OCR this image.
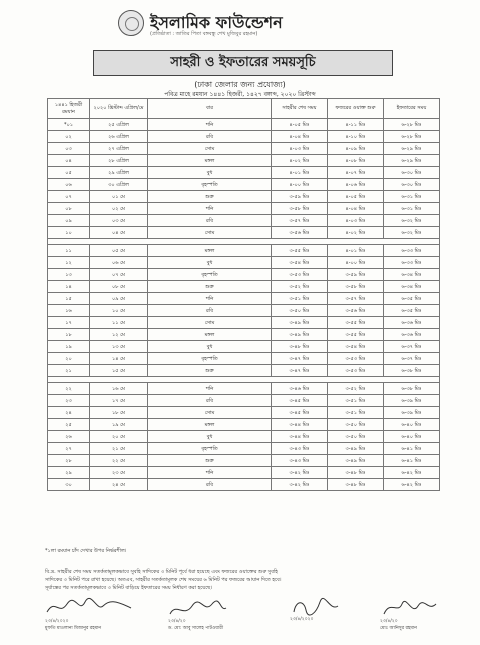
ইসলামিক ফাউন্ডেশন
(প্রতিষ্ঠাতা : জাতির পিতা বঙ্গবন্ধু শেখ মুজিবুর রহমান)
সাহরী ও ইফতারের সময়সূচি
(ঢাকা জেলার জন্য প্রযোজ্য)
পবিত্র মাহে রমযান ১৪৪১ হিজরী, ১৪২৭ বঙ্গাব্দ, ২০২০ খ্রিস্টাব্দ
১৪৪১ হিজরী রমযান	২০২০ খ্রিস্টাব্দ এপ্রিল/মে	বার	সাহরীর শেষ সময়	ফজরের ওয়াক্ত শুরু	ইফতারের সময়
*০১	২৫ এপ্রিল	শনি	৪-০৫ মিঃ	৪-১১ মিঃ	৬-২৮ মিঃ
০২	২৬ এপ্রিল	রবি	৪-০৪ মিঃ	৪-১০ মিঃ	৬-২৮ মিঃ
০৩	২৭ এপ্রিল	সোম	৪-০৩ মিঃ	৪-০৯ মিঃ	৬-২৯ মিঃ
০৪	২৮ এপ্রিল	মঙ্গল	৪-০২ মিঃ	৪-০৮ মিঃ	৬-২৯ মিঃ
০৫	২৯ এপ্রিল	বুধ	৪-০১ মিঃ	৪-০৭ মিঃ	৬-৩০ মিঃ
০৬	৩০ এপ্রিল	বৃহস্পতি	৪-০০ মিঃ	৪-০৬ মিঃ	৬-৩০ মিঃ
০৭	০১ মে	শুক্র	৩-৫৯ মিঃ	৪-০৫ মিঃ	৬-৩১ মিঃ
০৮	০২ মে	শনি	৩-৫৮ মিঃ	৪-০৪ মিঃ	৬-৩১ মিঃ
০৯	০৩ মে	রবি	৩-৫৭ মিঃ	৪-০৩ মিঃ	৬-৩২ মিঃ
১০	০৪ মে	সোম	৩-৫৬ মিঃ	৪-০২ মিঃ	৬-৩২ মিঃ

১১	০৫ মে	মঙ্গল	৩-৫৫ মিঃ	৪-০১ মিঃ	৬-৩৩ মিঃ
১২	০৬ মে	বুধ	৩-৫৪ মিঃ	৪-০০ মিঃ	৬-৩৩ মিঃ
১৩	০৭ মে	বৃহস্পতি	৩-৫৩ মিঃ	৩-৫৯ মিঃ	৬-৩৪ মিঃ
১৪	০৮ মে	শুক্র	৩-৫২ মিঃ	৩-৫৮ মিঃ	৬-৩৪ মিঃ
১৫	০৯ মে	শনি	৩-৫১ মিঃ	৩-৫৭ মিঃ	৬-৩৫ মিঃ
১৬	১০ মে	রবি	৩-৫০ মিঃ	৩-৫৬ মিঃ	৬-৩৫ মিঃ
১৭	১১ মে	সোম	৩-৪৯ মিঃ	৩-৫৫ মিঃ	৬-৩৬ মিঃ
১৮	১২ মে	মঙ্গল	৩-৪৯ মিঃ	৩-৫৫ মিঃ	৬-৩৬ মিঃ
১৯	১৩ মে	বুধ	৩-৪৮ মিঃ	৩-৫৪ মিঃ	৬-৩৭ মিঃ
২০	১৪ মে	বৃহস্পতি	৩-৪৭ মিঃ	৩-৫৩ মিঃ	৬-৩৭ মিঃ
২১	১৫ মে	শুক্র	৩-৪৭ মিঃ	৩-৫৩ মিঃ	৬-৩৮ মিঃ

২২	১৬ মে	শনি	৩-৪৬ মিঃ	৩-৫২ মিঃ	৬-৩৮ মিঃ
২৩	১৭ মে	রবি	৩-৪৫ মিঃ	৩-৫১ মিঃ	৬-৩৯ মিঃ
২৪	১৮ মে	সোম	৩-৪৫ মিঃ	৩-৫১ মিঃ	৬-৩৯ মিঃ
২৫	১৯ মে	মঙ্গল	৩-৪৪ মিঃ	৩-৫০ মিঃ	৬-৪০ মিঃ
২৬	২০ মে	বুধ	৩-৪৪ মিঃ	৩-৫০ মিঃ	৬-৪০ মিঃ
২৭	২১ মে	বৃহস্পতি	৩-৪৩ মিঃ	৩-৪৯ মিঃ	৬-৪১ মিঃ
২৮	২২ মে	শুক্র	৩-৪৩ মিঃ	৩-৪৯ মিঃ	৬-৪১ মিঃ
২৯	২৩ মে	শনি	৩-৪২ মিঃ	৩-৪৮ মিঃ	৬-৪২ মিঃ
৩০	২৪ মে	রবি	৩-৪২ মিঃ	৩-৪৮ মিঃ	৬-৪২ মিঃ
*১লা রমযান চাঁদ দেখার উপর নির্ভরশীল।
বি.দ্র. সাহরীর শেষ সময় সতর্কতামূলকভাবে সুবহি সাদিকের ৩ মিনিট পূর্বে ধরা হয়েছে এবং ফজরের ওয়াক্তের শুরু সুবহি
সাদিকের ৩ মিনিট পরে রাখা হয়েছে। অতএব, সাহরীর সতর্কতামূলক শেষ সময়ের ৬ মিনিট পর ফজরের আযান দিতে হবে।
সূর্যাস্তের পর সতর্কতামূলকভাবে ৩ মিনিট বাড়িয়ে ইফতারের সময় নির্ধারণ করা হয়েছে।
২৩/৪/২০২০
মুফতি মাওলানা মিজানুর রহমান
২৩/৪/২০
ড. মো: আবু সালেহ পাটওয়ারী
২৩/৪/২০২০	২৩/৪/২০
মোঃ আনিসুর রহমান
